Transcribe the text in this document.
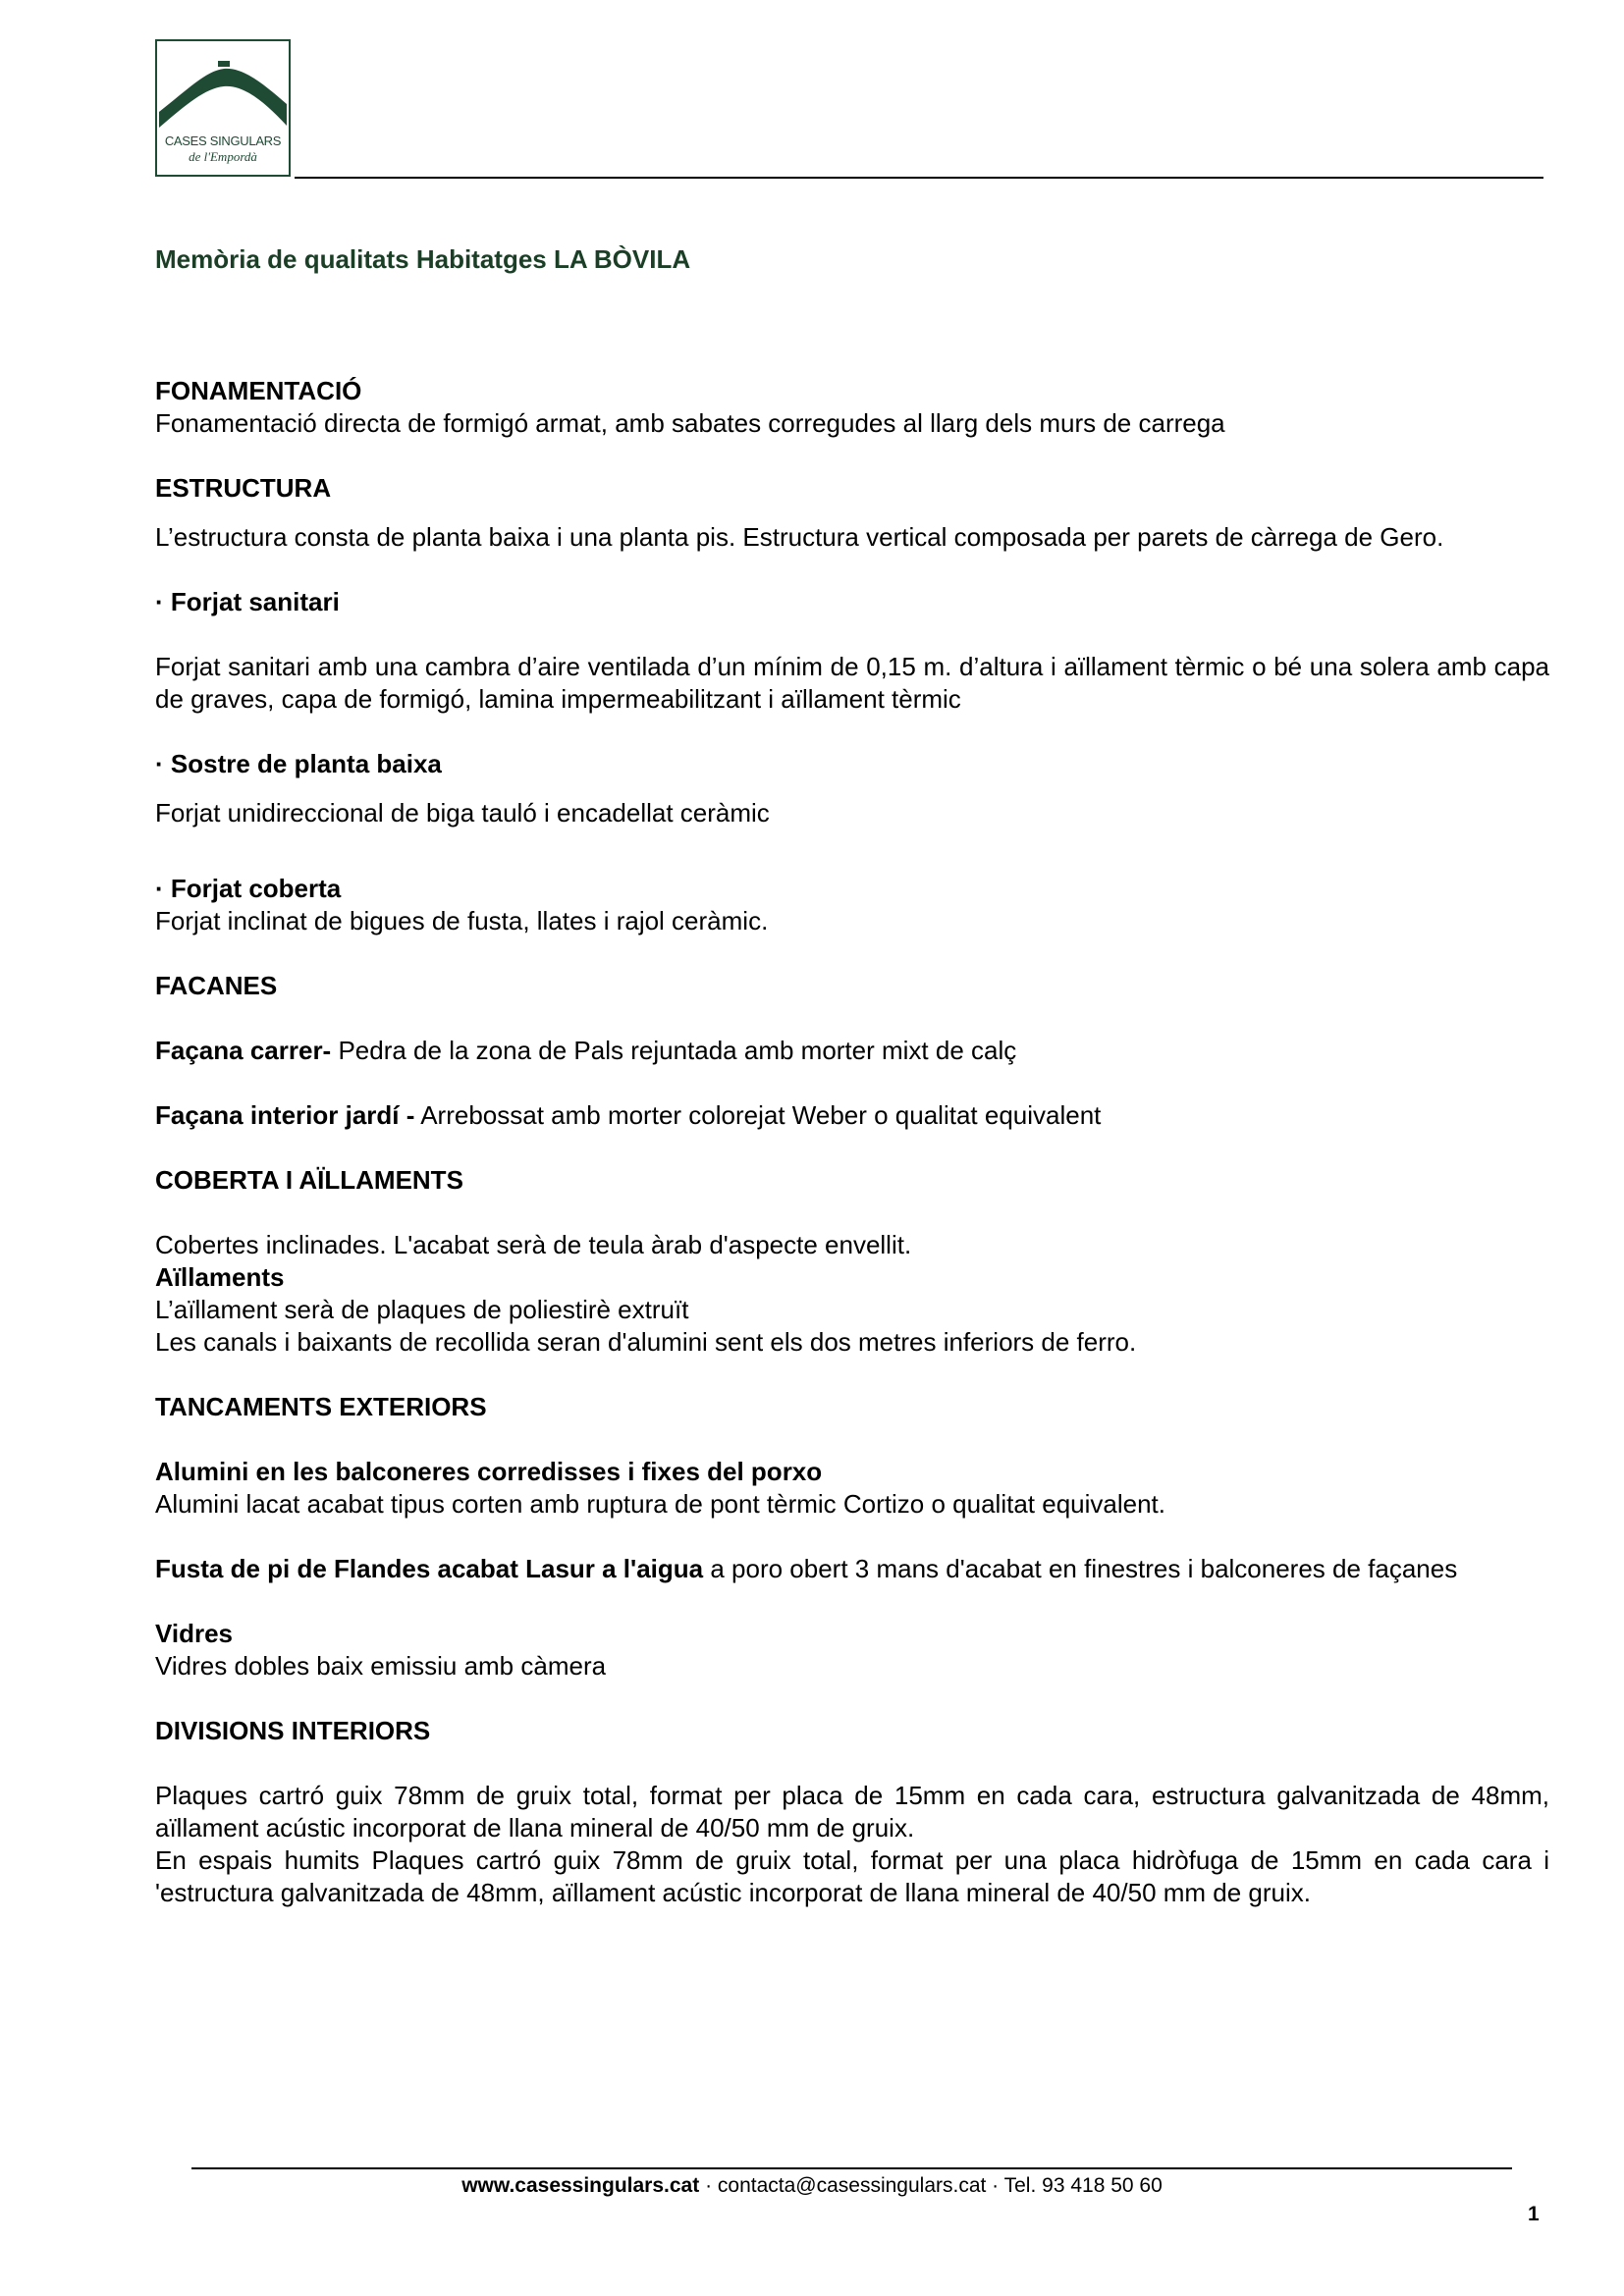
CASES SINGULARS
de l'Empordà

Memòria de qualitats Habitatges LA BÒVILA

FONAMENTACIÓ

Fonamentació directa de formigó armat, amb sabates corregudes al llarg dels murs de carrega

ESTRUCTURA

L’estructura consta de planta baixa i una planta pis. Estructura vertical composada per parets de càrrega de Gero.

· Forjat sanitari

Forjat sanitari amb una cambra d’aire ventilada d’un mínim de 0,15 m. d’altura i aïllament tèrmic o bé una solera amb capa de graves, capa de formigó, lamina impermeabilitzant i aïllament tèrmic

· Sostre de planta baixa

Forjat unidireccional de biga tauló i encadellat ceràmic

· Forjat coberta

Forjat inclinat de bigues de fusta, llates i rajol ceràmic.

FACANES

Façana carrer- Pedra de la zona de Pals rejuntada amb morter mixt de calç

Façana interior jardí - Arrebossat amb morter colorejat Weber o qualitat equivalent

COBERTA I AÏLLAMENTS

Cobertes inclinades. L'acabat serà de teula àrab d'aspecte envellit.

Aïllaments

L’aïllament serà de plaques de poliestirè extruït

Les canals i baixants de recollida seran d'alumini sent els dos metres inferiors de ferro.

TANCAMENTS EXTERIORS

Alumini en les balconeres corredisses i fixes del porxo

Alumini lacat acabat tipus corten amb ruptura de pont tèrmic Cortizo o qualitat equivalent.

Fusta de pi de Flandes acabat Lasur a l'aigua a poro obert 3 mans d'acabat en finestres i balconeres de façanes

Vidres

Vidres dobles baix emissiu amb càmera

DIVISIONS INTERIORS

Plaques cartró guix 78mm de gruix total, format per placa de 15mm en cada cara, estructura galvanitzada de 48mm, aïllament acústic incorporat de llana mineral de 40/50 mm de gruix.

En espais humits Plaques cartró guix 78mm de gruix total, format per una placa hidròfuga de 15mm en cada cara i 'estructura galvanitzada de 48mm, aïllament acústic incorporat de llana mineral de 40/50 mm de gruix.

www.casessingulars.cat · contacta@casessingulars.cat · Tel. 93 418 50 60
1
